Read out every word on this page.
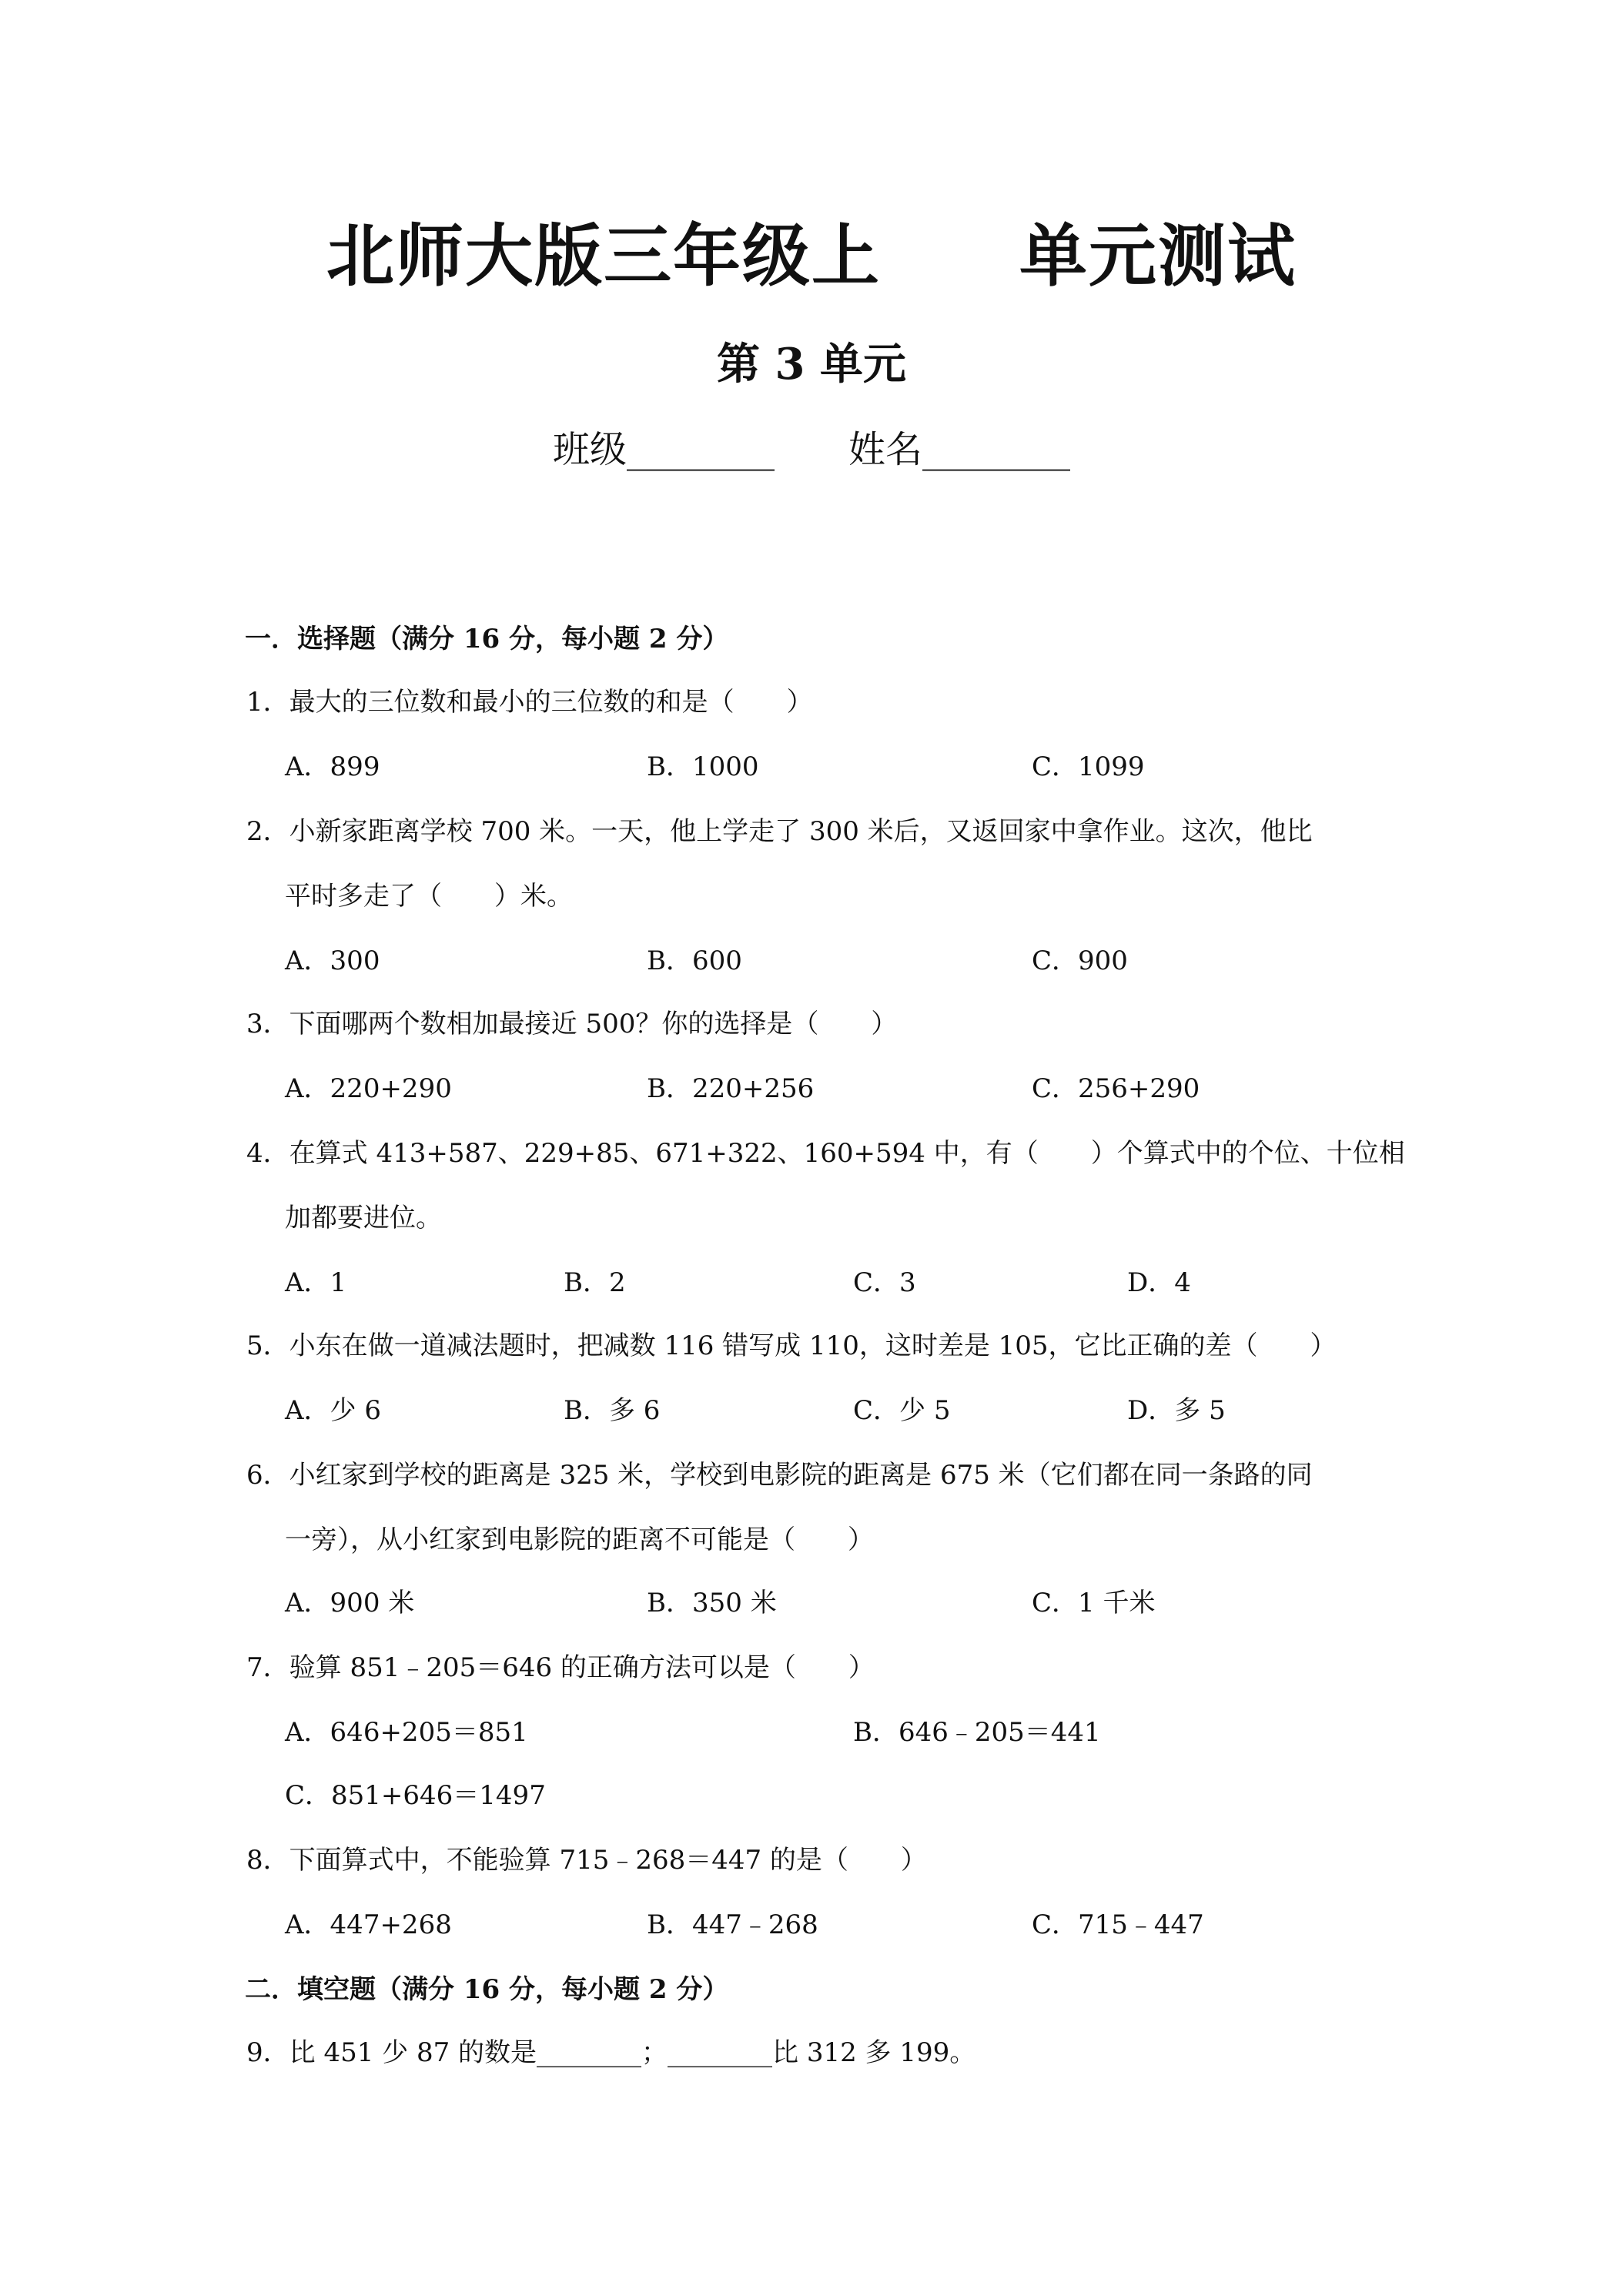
北师大版三年级上　　单元测试
第 3 单元
班级________　　 姓名________
一．选择题（满分 16 分，每小题 2 分）
1．最大的三位数和最小的三位数的和是（　　）
A．899	B．1000	C．1099
2．小新家距离学校 700 米。一天，他上学走了 300 米后，又返回家中拿作业。这次，他比
平时多走了（　　）米。
A．300	B．600	C．900
3．下面哪两个数相加最接近 500？你的选择是（　　）
A．220+290	B．220+256	C．256+290
4．在算式 413+587、229+85、671+322、160+594 中，有（　　）个算式中的个位、十位相
加都要进位。
A．1	B．2	C．3	D．4
5．小东在做一道减法题时，把减数 116 错写成 110，这时差是 105，它比正确的差（　　）
A．少 6	B．多 6	C．少 5	D．多 5
6．小红家到学校的距离是 325 米，学校到电影院的距离是 675 米（它们都在同一条路的同
一旁），从小红家到电影院的距离不可能是（　　）
A．900 米	B．350 米	C．1 千米
7．验算 851﹣205＝646 的正确方法可以是（　　）
A．646+205＝851	B．646﹣205＝441
C．851+646＝1497
8．下面算式中，不能验算 715﹣268＝447 的是（　　）
A．447+268	B．447﹣268	C．715﹣447
二．填空题（满分 16 分，每小题 2 分）
9．比 451 少 87 的数是________；________比 312 多 199。
